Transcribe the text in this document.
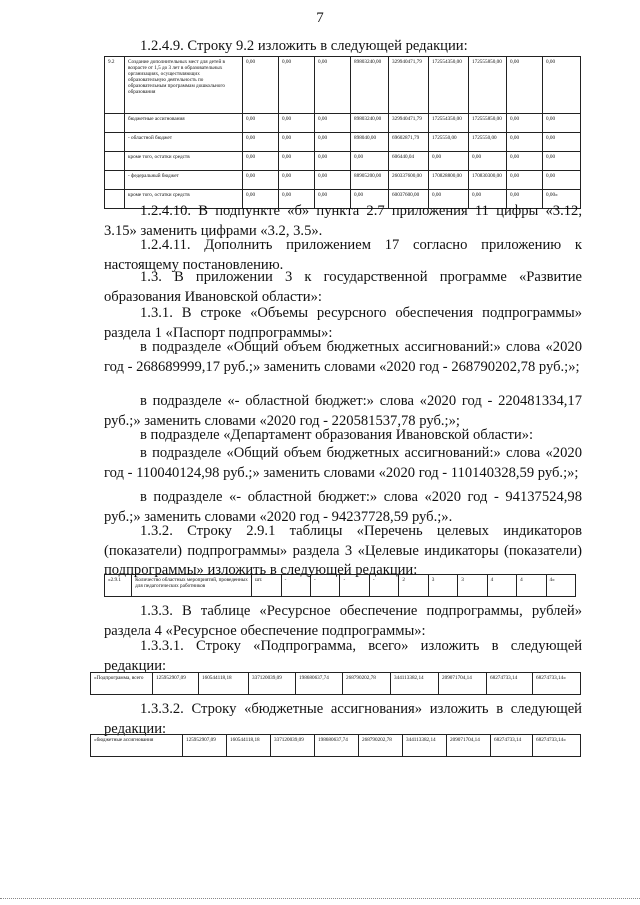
7

1.2.4.9. Строку 9.2 изложить в следующей редакции:

9.2	Создание дополнительных мест для детей в возрасте от 1,5 до 3 лет в образовательных организациях, осуществляющих образовательную деятельность по образовательным программам дошкольного образования	0,00	0,00	0,00	89803240,00	329940471,79	172554350,00	172555850,00	0,00	0,00
	бюджетные ассигнования	0,00	0,00	0,00	89803240,00	329940471,79	172554350,00	172555850,00	0,00	0,00
	- областной бюджет	0,00	0,00	0,00	898040,00	69602871,79	1725550,00	1725550,00	0,00	0,00
	кроме того, остатки средств	0,00	0,00	0,00	0,00	606440,04	0,00	0,00	0,00	0,00
	- федеральный бюджет	0,00	0,00	0,00	88905200,00	260337600,00	170828800,00	170830300,00	0,00	0,00
	кроме того, остатки средств	0,00	0,00	0,00	0,00	60037600,00	0,00	0,00	0,00	0,00»

1.2.4.10. В подпункте «б» пункта 2.7 приложения 11 цифры «3.12, 3.15» заменить цифрами «3.2, 3.5».

1.2.4.11. Дополнить приложением 17 согласно приложению к настоящему постановлению.

1.3. В приложении 3 к государственной программе «Развитие образования Ивановской области»:

1.3.1. В строке «Объемы ресурсного обеспечения подпрограммы» раздела 1 «Паспорт подпрограммы»:

в подразделе «Общий объем бюджетных ассигнований:» слова «2020 год - 268689999,17 руб.;» заменить словами «2020 год - 268790202,78 руб.;»;

в подразделе «- областной бюджет:» слова «2020 год - 220481334,17 руб.;» заменить словами «2020 год - 220581537,78 руб.;»;

в подразделе «Департамент образования Ивановской области»:

в подразделе «Общий объем бюджетных ассигнований:» слова «2020 год - 110040124,98 руб.;» заменить словами «2020 год - 110140328,59 руб.;»;

в подразделе «- областной бюджет:» слова «2020 год - 94137524,98 руб.;» заменить словами «2020 год - 94237728,59 руб.;».

1.3.2. Строку 2.9.1 таблицы «Перечень целевых индикаторов (показатели) подпрограммы» раздела 3 «Целевые индикаторы (показатели) подпрограммы» изложить в следующей редакции:

«2.9.1	Количество областных мероприятий, проведенных для педагогических работников	шт.	-	-	-	-	2	3	3	4	4	4»

1.3.3. В таблице «Ресурсное обеспечение подпрограммы, рублей» раздела 4 «Ресурсное обеспечение подпрограммы»:

1.3.3.1. Строку «Подпрограмма, всего» изложить в следующей редакции:

«Подпрограмма, всего	125952907,09	160544118,18	337120039,09	198680637,74	268790202,78	344113382,14	209071704,14	68274733,14	68274733,14»

1.3.3.2. Строку «бюджетные ассигнования» изложить в следующей редакции:

«бюджетные ассигнования	125952907,09	160544118,18	337120039,09	198680637,74	268790202,78	344113382,14	209071704,14	68274733,14	68274733,14»
